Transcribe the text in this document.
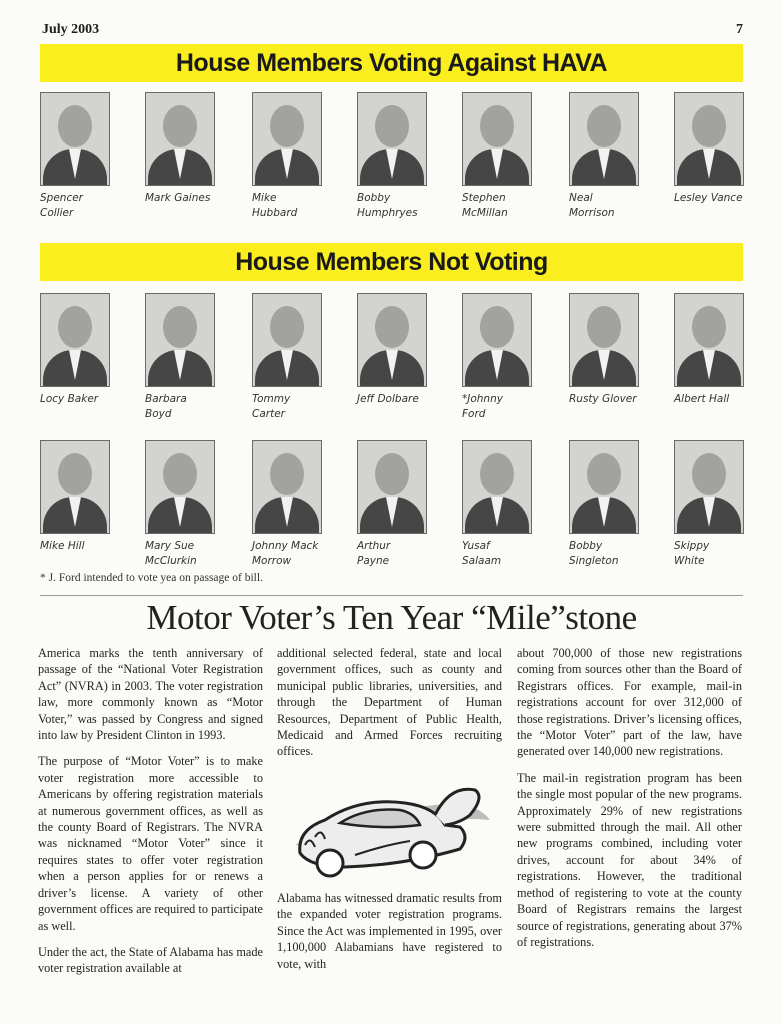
July 2003	7
House Members Voting Against HAVA
Spencer
Collier
Mark Gaines	Mike
Hubbard
Bobby
Humphryes
Stephen
McMillan
Neal
Morrison
Lesley Vance
House Members Not Voting
Locy Baker	Barbara
Boyd
Tommy
Carter
Jeff Dolbare	*Johnny
Ford
Rusty Glover	Albert Hall
Mike Hill	Mary Sue
McClurkin
Johnny Mack
Morrow
Arthur
Payne
Yusaf
Salaam
Bobby
Singleton
Skippy
White
* J. Ford intended to vote yea on passage of bill.
Motor Voter’s Ten Year “Mile”stone

America marks the tenth anniversary of passage of the “National Voter Registration Act” (NVRA) in 2003. The voter registration law, more commonly known as “Motor Voter,” was passed by Congress and signed into law by President Clinton in 1993.

The purpose of “Motor Voter” is to make voter registration more accessible to Americans by offering registration materials at numerous government offices, as well as the county Board of Registrars. The NVRA was nicknamed “Motor Voter” since it requires states to offer voter registration when a person applies for or renews a driver’s license. A variety of other government offices are required to participate as well.

Under the act, the State of Alabama has made voter registration available at

additional selected federal, state and local government offices, such as county and municipal public libraries, universities, and through the Department of Human Resources, Department of Public Health, Medicaid and Armed Forces recruiting offices.

Alabama has witnessed dramatic results from the expanded voter registration programs. Since the Act was implemented in 1995, over 1,100,000 Alabamians have registered to vote, with

about 700,000 of those new registrations coming from sources other than the Board of Registrars offices. For example, mail-in registrations account for over 312,000 of those registrations. Driver’s licensing offices, the “Motor Voter” part of the law, have generated over 140,000 new registrations.

The mail-in registration program has been the single most popular of the new programs. Approximately 29% of new registrations were submitted through the mail. All other new programs combined, including voter drives, account for about 34% of registrations. However, the traditional method of registering to vote at the county Board of Registrars remains the largest source of registrations, generating about 37% of registrations.
